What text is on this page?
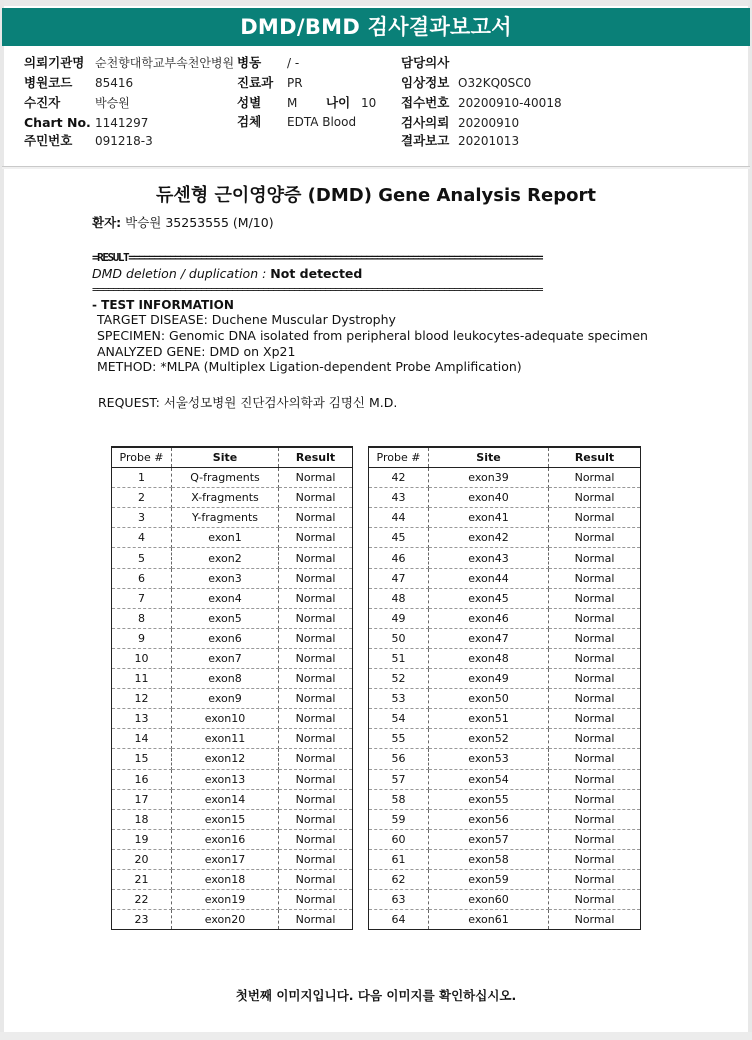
DMD/BMD 검사결과보고서
의뢰기관명 순천향대학교부속천안병원
병원코드 85416
수진자	박승원
Chart No. 1141297
주민번호 091218-3
병동 / -
진료과 PR
성별 M 나이 10
검체 EDTA Blood
담당의사
임상정보 O32KQ0SC0
접수번호 20200910-40018
검사의뢰 20200910
결과보고 20201013
듀센형 근이영양증 (DMD) Gene Analysis Report
환자: 박승원 35253555 (M/10)
=RESULT================================================================================
DMD deletion / duplication : Not detected
=======================================================================================
- TEST INFORMATION
TARGET DISEASE: Duchene Muscular Dystrophy
SPECIMEN: Genomic DNA isolated from peripheral blood leukocytes-adequate specimen
ANALYZED GENE: DMD on Xp21
METHOD: *MLPA (Multiplex Ligation-dependent Probe Amplification)
REQUEST: 서울성모병원 진단검사의학과 김명신 M.D.
Probe #	Site	Result
1	Q-fragments	Normal
2	X-fragments	Normal
3	Y-fragments	Normal
4	exon1	Normal
5	exon2	Normal
6	exon3	Normal
7	exon4	Normal
8	exon5	Normal
9	exon6	Normal
10	exon7	Normal
11	exon8	Normal
12	exon9	Normal
13	exon10	Normal
14	exon11	Normal
15	exon12	Normal
16	exon13	Normal
17	exon14	Normal
18	exon15	Normal
19	exon16	Normal
20	exon17	Normal
21	exon18	Normal
22	exon19	Normal
23	exon20	Normal
Probe #	Site	Result
42	exon39	Normal
43	exon40	Normal
44	exon41	Normal
45	exon42	Normal
46	exon43	Normal
47	exon44	Normal
48	exon45	Normal
49	exon46	Normal
50	exon47	Normal
51	exon48	Normal
52	exon49	Normal
53	exon50	Normal
54	exon51	Normal
55	exon52	Normal
56	exon53	Normal
57	exon54	Normal
58	exon55	Normal
59	exon56	Normal
60	exon57	Normal
61	exon58	Normal
62	exon59	Normal
63	exon60	Normal
64	exon61	Normal
첫번째 이미지입니다. 다음 이미지를 확인하십시오.
